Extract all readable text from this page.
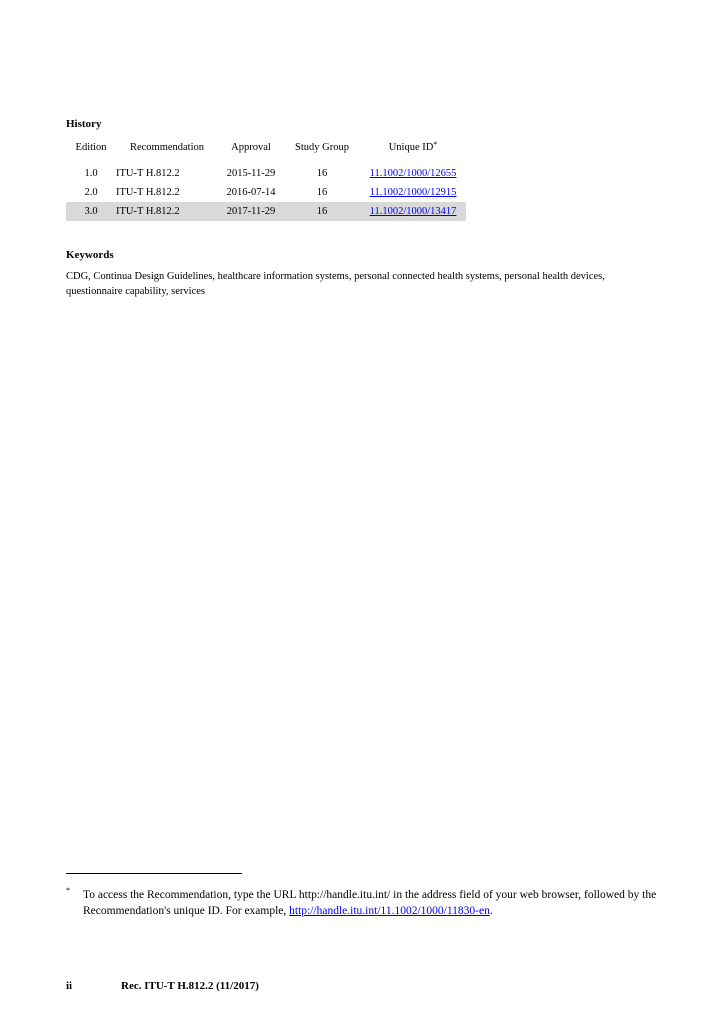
History
Edition	Recommendation	Approval	Study Group	Unique ID*
1.0	ITU-T H.812.2	2015-11-29	16	11.1002/1000/12655
2.0	ITU-T H.812.2	2016-07-14	16	11.1002/1000/12915
3.0	ITU-T H.812.2	2017-11-29	16	11.1002/1000/13417
Keywords
CDG, Continua Design Guidelines, healthcare information systems, personal connected health systems, personal health devices, questionnaire capability, services
* To access the Recommendation, type the URL http://handle.itu.int/ in the address field of your web browser, followed by the Recommendation's unique ID. For example, http://handle.itu.int/11.1002/1000/11830-en.
ii	Rec. ITU-T H.812.2 (11/2017)
